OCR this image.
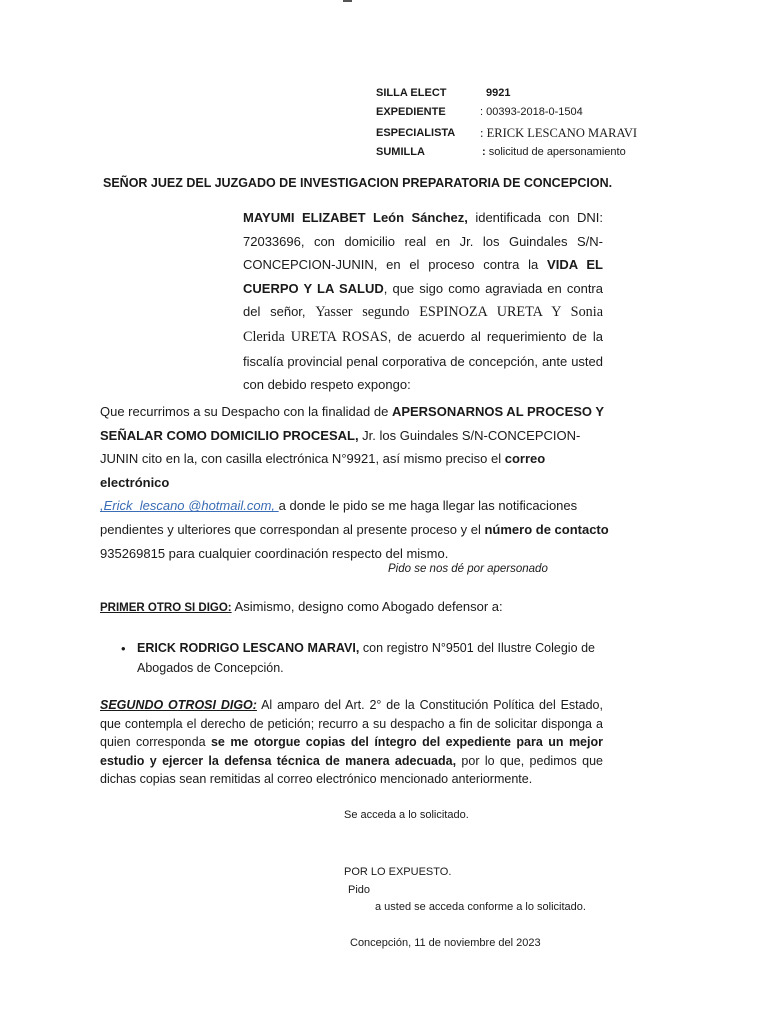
SILLA ELECT	9921
EXPEDIENTE	: 00393-2018-0-1504
ESPECIALISTA : ERICK LESCANO MARAVI
SUMILLA	: solicitud de apersonamiento
SEÑOR JUEZ DEL JUZGADO DE INVESTIGACION PREPARATORIA DE CONCEPCION.
MAYUMI ELIZABET León Sánchez, identificada con DNI: 72033696, con domicilio real en Jr. los Guindales S/N-CONCEPCION-JUNIN, en el proceso contra la VIDA EL CUERPO Y LA SALUD, que sigo como agraviada en contra del señor, Yasser segundo ESPINOZA URETA Y Sonia Clerida URETA ROSAS, de acuerdo al requerimiento de la fiscalía provincial penal corporativa de concepción, ante usted con debido respeto expongo:
Que recurrimos a su Despacho con la finalidad de APERSONARNOS AL PROCESO Y SEÑALAR COMO DOMICILIO PROCESAL, Jr. los Guindales S/N-CONCEPCION-JUNIN cito en la, con casilla electrónica N°9921, así mismo preciso el correo electrónico
,Erick_lescano @hotmail.com, a donde le pido se me haga llegar las notificaciones pendientes y ulteriores que correspondan al presente proceso y el número de contacto
935269815 para cualquier coordinación respecto del mismo.
Pido se nos dé por apersonado
PRIMER OTRO SI DIGO: Asimismo, designo como Abogado defensor a:
• ERICK RODRIGO LESCANO MARAVI, con registro N°9501 del Ilustre Colegio de Abogados de Concepción.
SEGUNDO OTROSI DIGO: Al amparo del Art. 2° de la Constitución Política del Estado, que contempla el derecho de petición; recurro a su despacho a fin de solicitar disponga a quien corresponda se me otorgue copias del íntegro del expediente para un mejor estudio y ejercer la defensa técnica de manera adecuada, por lo que, pedimos que dichas copias sean remitidas al correo electrónico mencionado anteriormente.
Se acceda a lo solicitado.
POR LO EXPUESTO.
Pido
a usted se acceda conforme a lo solicitado.
Concepción, 11 de noviembre del 2023
